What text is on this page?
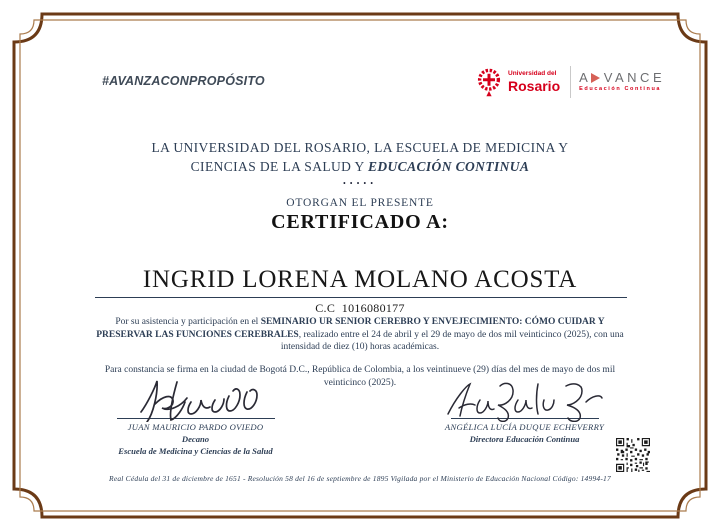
#AVANZACONPROPÓSITO
Universidad del
Rosario A VANCE
Educación Continua
LA UNIVERSIDAD DEL ROSARIO, LA ESCUELA DE MEDICINA Y
CIENCIAS DE LA SALUD Y EDUCACIÓN CONTINUA
•••••
OTORGAN EL PRESENTE
CERTIFICADO A:
INGRID LORENA MOLANO ACOSTA
C.C 1016080177
Por su asistencia y participación en el SEMINARIO UR SENIOR CEREBRO Y ENVEJECIMIENTO: CÓMO CUIDAR Y PRESERVAR LAS FUNCIONES CEREBRALES, realizado entre el 24 de abril y el 29 de mayo de dos mil veinticinco (2025), con una intensidad de diez (10) horas académicas.
Para constancia se firma en la ciudad de Bogotá D.C., República de Colombia, a los veintinueve (29) días del mes de mayo de dos mil veinticinco (2025).
JUAN MAURICIO PARDO OVIEDO
Decano
Escuela de Medicina y Ciencias de la Salud
ANGÉLICA LUCÍA DUQUE ECHEVERRY
Directora Educación Continua
Real Cédula del 31 de diciembre de 1651 - Resolución 58 del 16 de septiembre de 1895 Vigilada por el Ministerio de Educación Nacional Código: 14994-17
